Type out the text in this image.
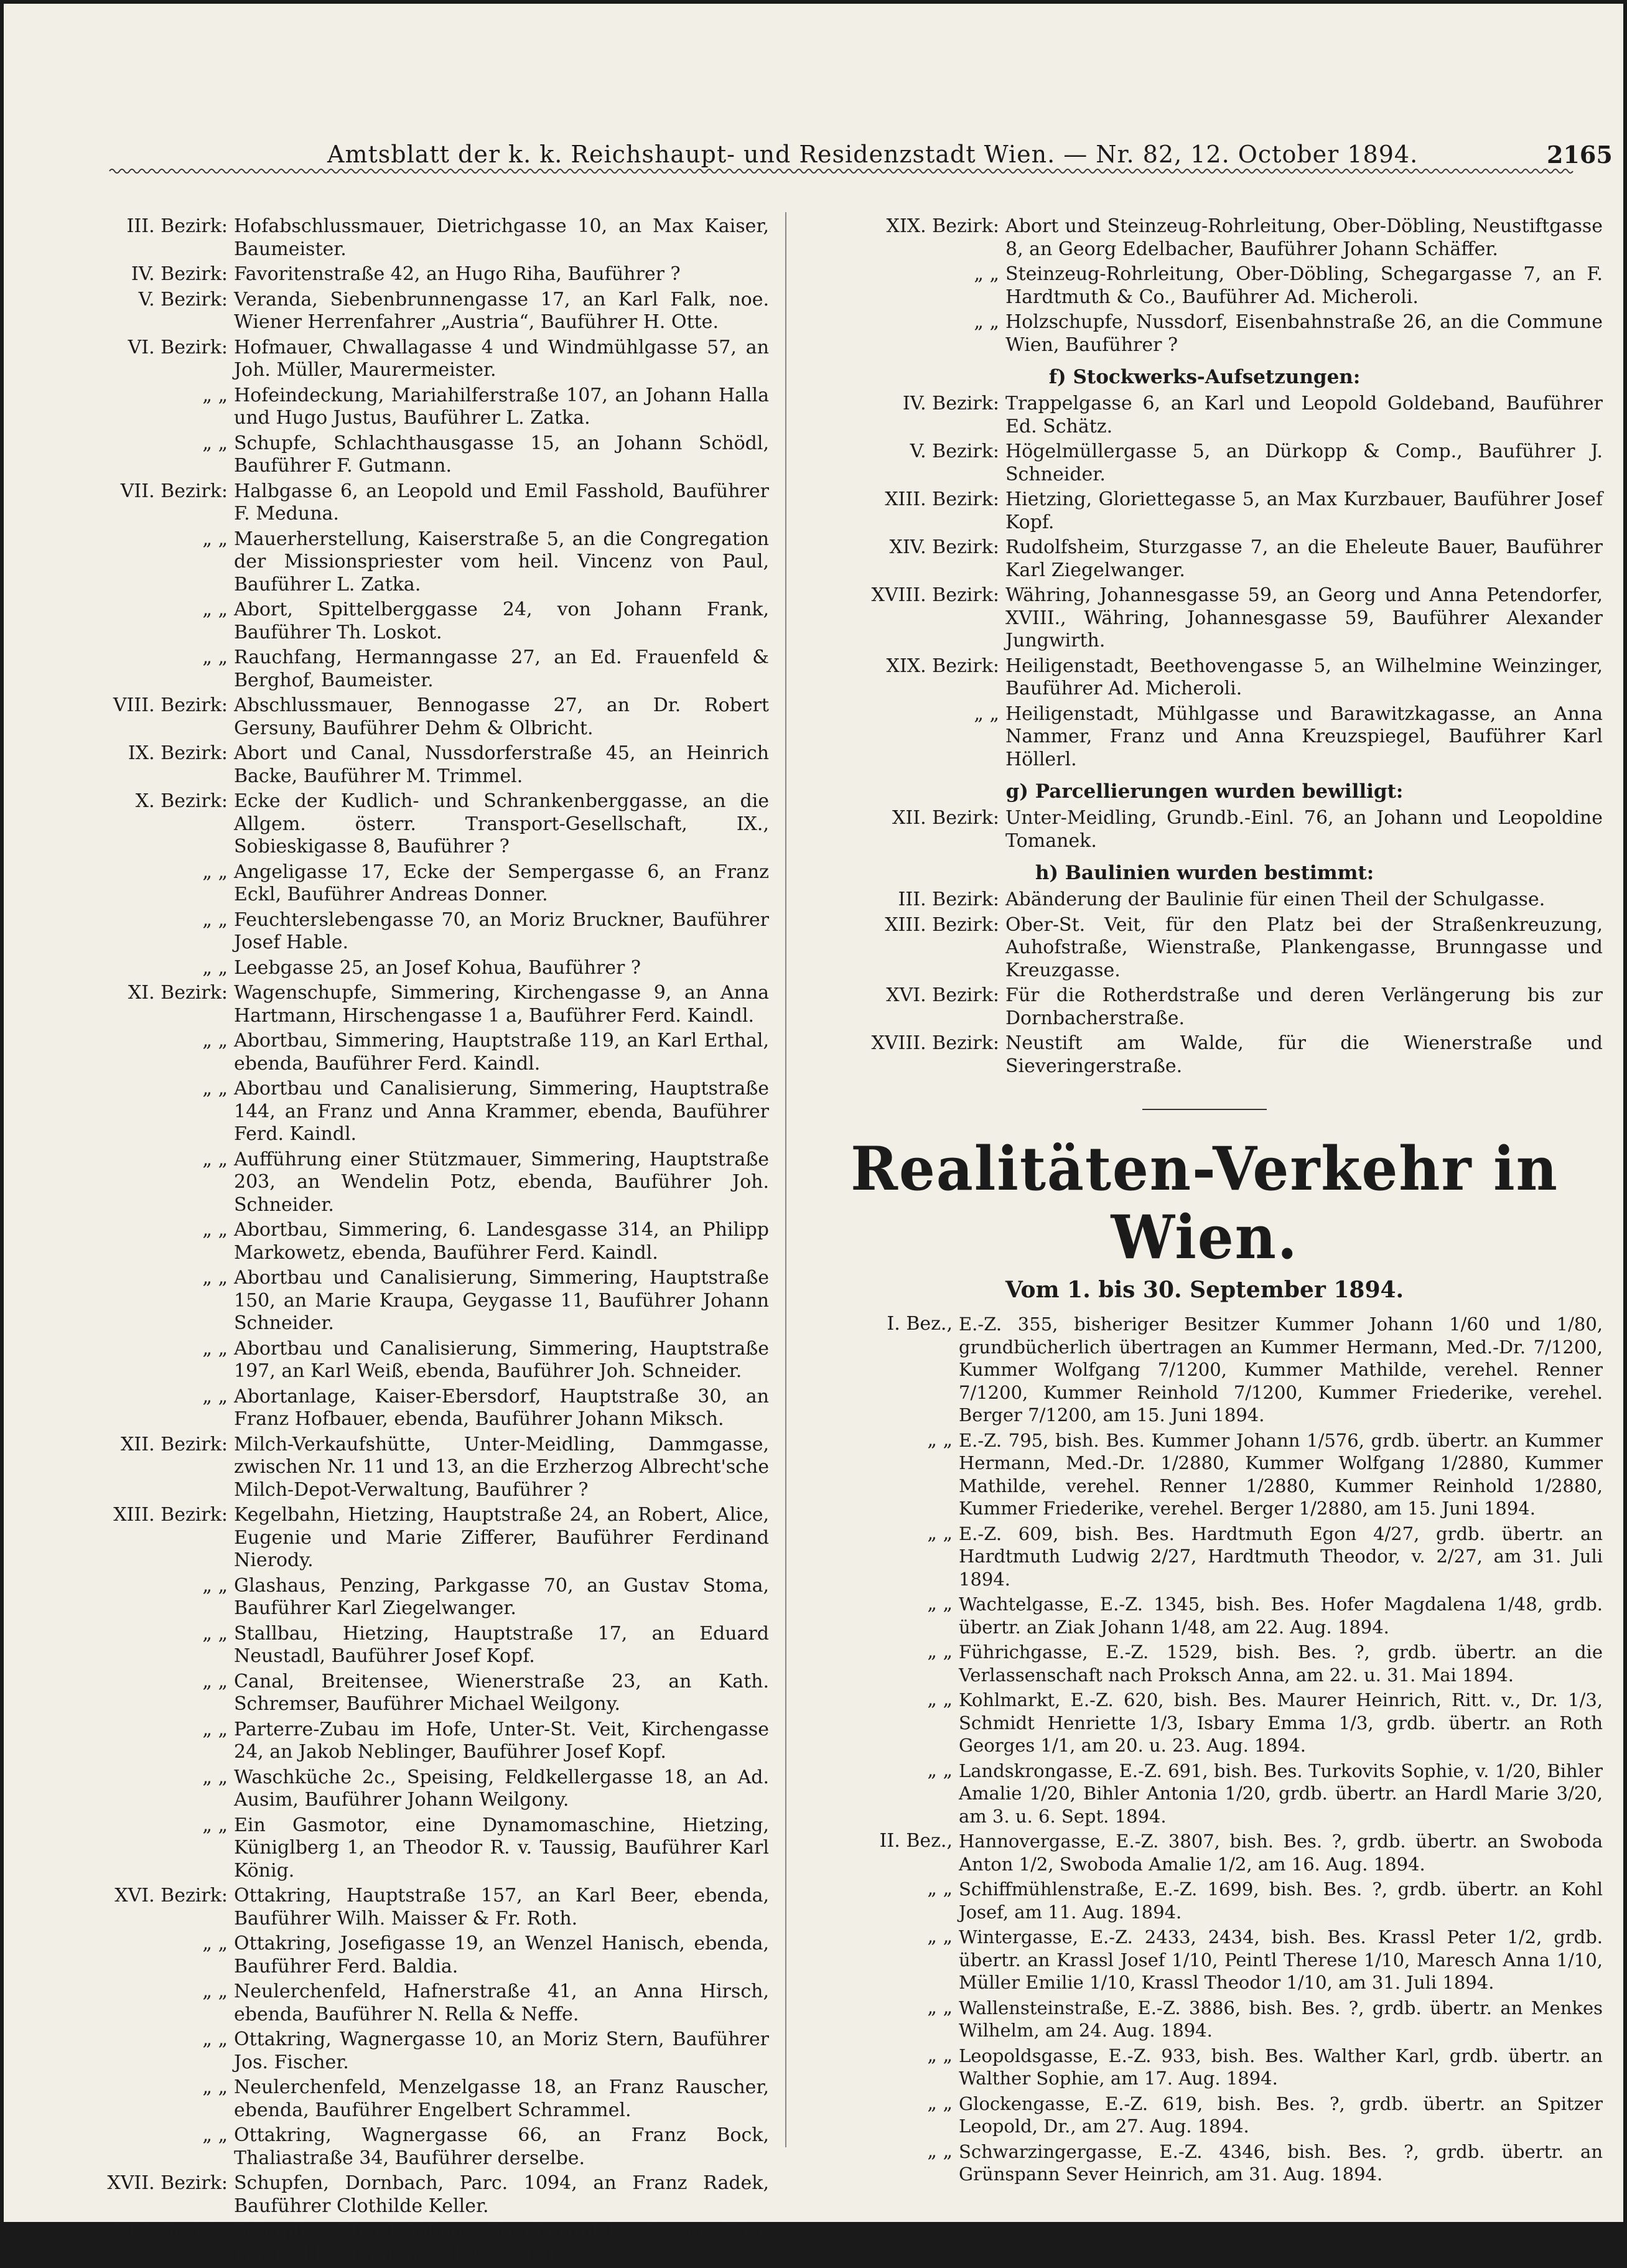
Amtsblatt der k. k. Reichshaupt- und Residenzstadt Wien. — Nr. 82, 12. October 1894.	2165
III. Bezirk: Hofabschlussmauer, Dietrichgasse 10, an Max Kaiser, Baumeister.
IV. Bezirk: Favoritenstraße 42, an Hugo Riha, Bauführer ?
V. Bezirk: Veranda, Siebenbrunnengasse 17, an Karl Falk, noe. Wiener Herrenfahrer „Austria“, Bauführer H. Otte.
VI. Bezirk: Hofmauer, Chwallagasse 4 und Windmühlgasse 57, an Joh. Müller, Maurermeister.
„ „ Hofeindeckung, Mariahilferstraße 107, an Johann Halla und Hugo Justus, Bauführer L. Zatka.
„ „ Schupfe, Schlachthausgasse 15, an Johann Schödl, Bauführer F. Gutmann.
VII. Bezirk: Halbgasse 6, an Leopold und Emil Fasshold, Bauführer F. Meduna.
„ „ Mauerherstellung, Kaiserstraße 5, an die Congregation der Missionspriester vom heil. Vincenz von Paul, Bauführer L. Zatka.
„ „ Abort, Spittelberggasse 24, von Johann Frank, Bauführer Th. Loskot.
„ „ Rauchfang, Hermanngasse 27, an Ed. Frauenfeld & Berghof, Baumeister.
VIII. Bezirk: Abschlussmauer, Bennogasse 27, an Dr. Robert Gersuny, Bauführer Dehm & Olbricht.
IX. Bezirk: Abort und Canal, Nussdorferstraße 45, an Heinrich Backe, Bauführer M. Trimmel.
X. Bezirk: Ecke der Kudlich- und Schrankenberggasse, an die Allgem. österr. Transport-Gesellschaft, IX., Sobieskigasse 8, Bauführer ?
„ „ Angeligasse 17, Ecke der Sempergasse 6, an Franz Eckl, Bauführer Andreas Donner.
„ „ Feuchterslebengasse 70, an Moriz Bruckner, Bauführer Josef Hable.
„ „ Leebgasse 25, an Josef Kohua, Bauführer ?
XI. Bezirk: Wagenschupfe, Simmering, Kirchengasse 9, an Anna Hartmann, Hirschengasse 1 a, Bauführer Ferd. Kaindl.
„ „ Abortbau, Simmering, Hauptstraße 119, an Karl Erthal, ebenda, Bauführer Ferd. Kaindl.
„ „ Abortbau und Canalisierung, Simmering, Hauptstraße 144, an Franz und Anna Krammer, ebenda, Bauführer Ferd. Kaindl.
„ „ Aufführung einer Stützmauer, Simmering, Hauptstraße 203, an Wendelin Potz, ebenda, Bauführer Joh. Schneider.
„ „ Abortbau, Simmering, 6. Landesgasse 314, an Philipp Markowetz, ebenda, Bauführer Ferd. Kaindl.
„ „ Abortbau und Canalisierung, Simmering, Hauptstraße 150, an Marie Kraupa, Geygasse 11, Bauführer Johann Schneider.
„ „ Abortbau und Canalisierung, Simmering, Hauptstraße 197, an Karl Weiß, ebenda, Bauführer Joh. Schneider.
„ „ Abortanlage, Kaiser-Ebersdorf, Hauptstraße 30, an Franz Hofbauer, ebenda, Bauführer Johann Miksch.
XII. Bezirk: Milch-Verkaufshütte, Unter-Meidling, Dammgasse, zwischen Nr. 11 und 13, an die Erzherzog Albrecht'sche Milch-Depot-Verwaltung, Bauführer ?
XIII. Bezirk: Kegelbahn, Hietzing, Hauptstraße 24, an Robert, Alice, Eugenie und Marie Zifferer, Bauführer Ferdinand Nierody.
„ „ Glashaus, Penzing, Parkgasse 70, an Gustav Stoma, Bauführer Karl Ziegelwanger.
„ „ Stallbau, Hietzing, Hauptstraße 17, an Eduard Neustadl, Bauführer Josef Kopf.
„ „ Canal, Breitensee, Wienerstraße 23, an Kath. Schremser, Bauführer Michael Weilgony.
„ „ Parterre-Zubau im Hofe, Unter-St. Veit, Kirchengasse 24, an Jakob Neblinger, Bauführer Josef Kopf.
„ „ Waschküche 2c., Speising, Feldkellergasse 18, an Ad. Ausim, Bauführer Johann Weilgony.
„ „ Ein Gasmotor, eine Dynamomaschine, Hietzing, Küniglberg 1, an Theodor R. v. Taussig, Bauführer Karl König.
XVI. Bezirk: Ottakring, Hauptstraße 157, an Karl Beer, ebenda, Bauführer Wilh. Maisser & Fr. Roth.
„ „ Ottakring, Josefigasse 19, an Wenzel Hanisch, ebenda, Bauführer Ferd. Baldia.
„ „ Neulerchenfeld, Hafnerstraße 41, an Anna Hirsch, ebenda, Bauführer N. Rella & Neffe.
„ „ Ottakring, Wagnergasse 10, an Moriz Stern, Bauführer Jos. Fischer.
„ „ Neulerchenfeld, Menzelgasse 18, an Franz Rauscher, ebenda, Bauführer Engelbert Schrammel.
„ „ Ottakring, Wagnergasse 66, an Franz Bock, Thaliastraße 34, Bauführer derselbe.
XVII. Bezirk: Schupfen, Dornbach, Parc. 1094, an Franz Radek, Bauführer Clothilde Keller.
XIX. Bezirk: Schupfe, Ober-Döbling, Sonnbergplatz 4, an Elise Pampichler, Bauführer Joh. Schäffer.
XIX. Bezirk: Abort und Steinzeug-Rohrleitung, Ober-Döbling, Neustiftgasse 8, an Georg Edelbacher, Bauführer Johann Schäffer.
„ „ Steinzeug-Rohrleitung, Ober-Döbling, Schegargasse 7, an F. Hardtmuth & Co., Bauführer Ad. Micheroli.
„ „ Holzschupfe, Nussdorf, Eisenbahnstraße 26, an die Commune Wien, Bauführer ?
f) Stockwerks-Aufsetzungen:
IV. Bezirk: Trappelgasse 6, an Karl und Leopold Goldeband, Bauführer Ed. Schätz.
V. Bezirk: Högelmüllergasse 5, an Dürkopp & Comp., Bauführer J. Schneider.
XIII. Bezirk: Hietzing, Gloriettegasse 5, an Max Kurzbauer, Bauführer Josef Kopf.
XIV. Bezirk: Rudolfsheim, Sturzgasse 7, an die Eheleute Bauer, Bauführer Karl Ziegelwanger.
XVIII. Bezirk: Währing, Johannesgasse 59, an Georg und Anna Petendorfer, XVIII., Währing, Johannesgasse 59, Bauführer Alexander Jungwirth.
XIX. Bezirk: Heiligenstadt, Beethovengasse 5, an Wilhelmine Weinzinger, Bauführer Ad. Micheroli.
„ „ Heiligenstadt, Mühlgasse und Barawitzkagasse, an Anna Nammer, Franz und Anna Kreuzspiegel, Bauführer Karl Höllerl.
g) Parcellierungen wurden bewilligt:
XII. Bezirk: Unter-Meidling, Grundb.-Einl. 76, an Johann und Leopoldine Tomanek.
h) Baulinien wurden bestimmt:
III. Bezirk: Abänderung der Baulinie für einen Theil der Schulgasse.
XIII. Bezirk: Ober-St. Veit, für den Platz bei der Straßenkreuzung, Auhofstraße, Wienstraße, Plankengasse, Brunngasse und Kreuzgasse.
XVI. Bezirk: Für die Rotherdstraße und deren Verlängerung bis zur Dornbacherstraße.
XVIII. Bezirk: Neustift am Walde, für die Wienerstraße und Sieveringerstraße.
Realitäten-Verkehr in Wien.
Vom 1. bis 30. September 1894.
I. Bez., E.-Z. 355, bisheriger Besitzer Kummer Johann 1/60 und 1/80, grundbücherlich übertragen an Kummer Hermann, Med.-Dr. 7/1200, Kummer Wolfgang 7/1200, Kummer Mathilde, verehel. Renner 7/1200, Kummer Reinhold 7/1200, Kummer Friederike, verehel. Berger 7/1200, am 15. Juni 1894.
„ „ E.-Z. 795, bish. Bes. Kummer Johann 1/576, grdb. übertr. an Kummer Hermann, Med.-Dr. 1/2880, Kummer Wolfgang 1/2880, Kummer Mathilde, verehel. Renner 1/2880, Kummer Reinhold 1/2880, Kummer Friederike, verehel. Berger 1/2880, am 15. Juni 1894.
„ „ E.-Z. 609, bish. Bes. Hardtmuth Egon 4/27, grdb. übertr. an Hardtmuth Ludwig 2/27, Hardtmuth Theodor, v. 2/27, am 31. Juli 1894.
„ „ Wachtelgasse, E.-Z. 1345, bish. Bes. Hofer Magdalena 1/48, grdb. übertr. an Ziak Johann 1/48, am 22. Aug. 1894.
„ „ Führichgasse, E.-Z. 1529, bish. Bes. ?, grdb. übertr. an die Verlassenschaft nach Proksch Anna, am 22. u. 31. Mai 1894.
„ „ Kohlmarkt, E.-Z. 620, bish. Bes. Maurer Heinrich, Ritt. v., Dr. 1/3, Schmidt Henriette 1/3, Isbary Emma 1/3, grdb. übertr. an Roth Georges 1/1, am 20. u. 23. Aug. 1894.
„ „ Landskrongasse, E.-Z. 691, bish. Bes. Turkovits Sophie, v. 1/20, Bihler Amalie 1/20, Bihler Antonia 1/20, grdb. übertr. an Hardl Marie 3/20, am 3. u. 6. Sept. 1894.
II. Bez., Hannovergasse, E.-Z. 3807, bish. Bes. ?, grdb. übertr. an Swoboda Anton 1/2, Swoboda Amalie 1/2, am 16. Aug. 1894.
„ „ Schiffmühlenstraße, E.-Z. 1699, bish. Bes. ?, grdb. übertr. an Kohl Josef, am 11. Aug. 1894.
„ „ Wintergasse, E.-Z. 2433, 2434, bish. Bes. Krassl Peter 1/2, grdb. übertr. an Krassl Josef 1/10, Peintl Therese 1/10, Maresch Anna 1/10, Müller Emilie 1/10, Krassl Theodor 1/10, am 31. Juli 1894.
„ „ Wallensteinstraße, E.-Z. 3886, bish. Bes. ?, grdb. übertr. an Menkes Wilhelm, am 24. Aug. 1894.
„ „ Leopoldsgasse, E.-Z. 933, bish. Bes. Walther Karl, grdb. übertr. an Walther Sophie, am 17. Aug. 1894.
„ „ Glockengasse, E.-Z. 619, bish. Bes. ?, grdb. übertr. an Spitzer Leopold, Dr., am 27. Aug. 1894.
„ „ Schwarzingergasse, E.-Z. 4346, bish. Bes. ?, grdb. übertr. an Grünspann Sever Heinrich, am 31. Aug. 1894.
